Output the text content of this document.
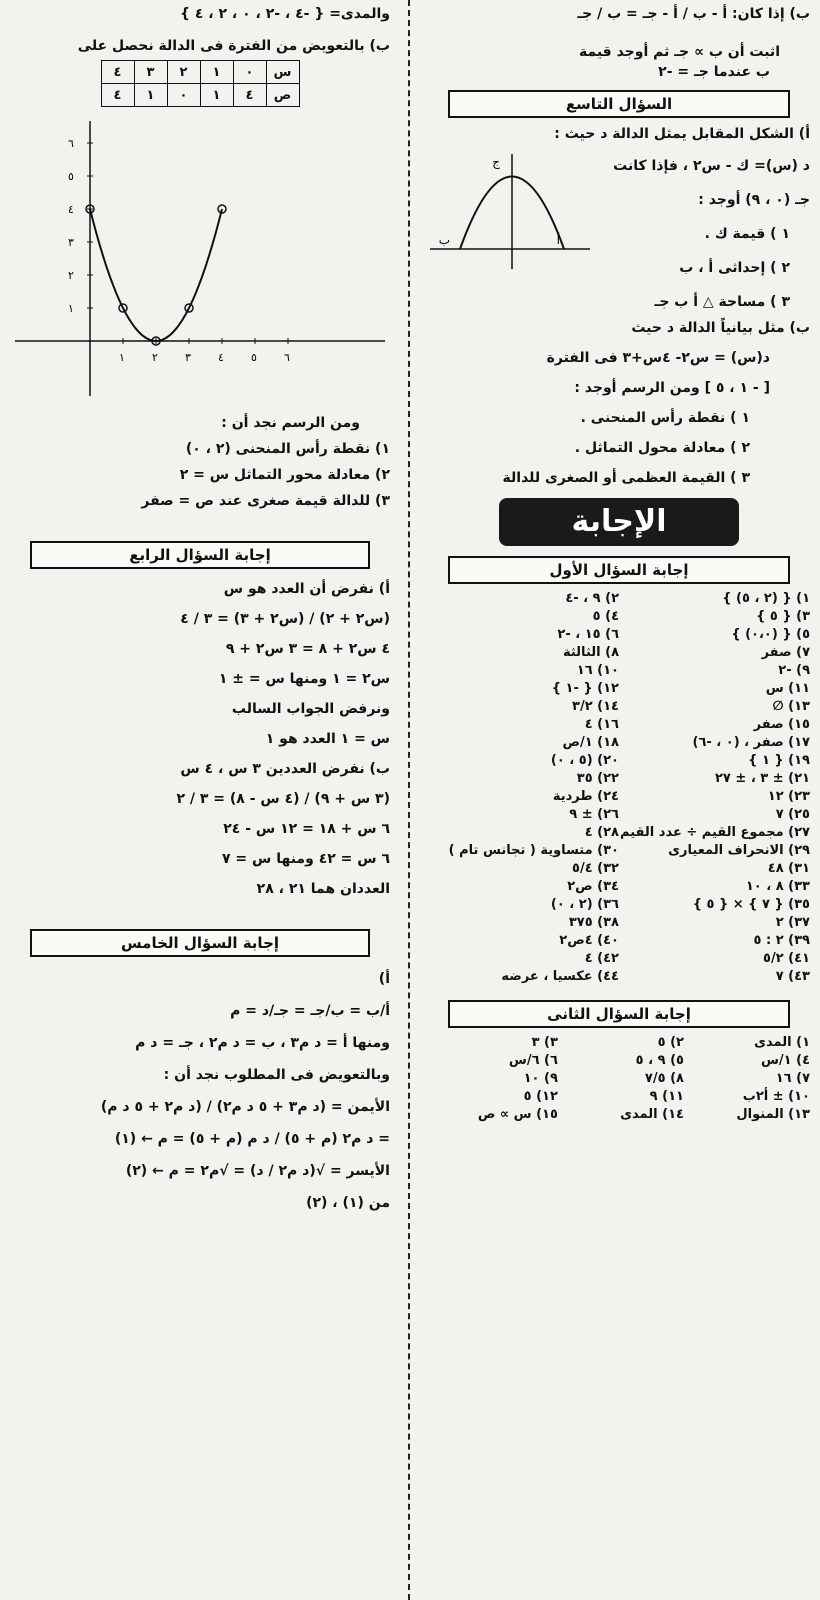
ب) إذا كان: أ - ب / أ - جـ = ب / جـ
اثبت أن ب ∝ جـ ثم أوجد قيمة
ب عندما جـ = -٢
السؤال التاسع
أ) الشكل المقابل يمثل الدالة د حيث :
د (س)= ك - س٢ ، فإذا كانت
جـ (٠ ، ٩) أوجد :
١ ) قيمة ك .
٢ ) إحداثى أ ، ب
٣ ) مساحة △ أ ب جـ
ج
أ
ب
ب) مثل بيانياً الدالة د حيث
د(س) = س٢- ٤س+٣ فى الفترة
[ - ١ ، ٥ ] ومن الرسم أوجد :
١ ) نقطة رأس المنحنى .
٢ ) معادلة محول التماثل .
٣ ) القيمة العظمى أو الصغرى للدالة
الإجابة
إجابة السؤال الأول
١) { (٢ ، ٥) }
٢) ٩ ، -٤
٣) { ٥ }
٤) ٥
٥) { (٠،٠) }
٦) ١٥ ، -٢
٧) صفر
٨) الثالثة
٩) -٢
١٠) ١٦
١١) س
١٢) { -١ }
١٣) ∅
١٤) ٣/٢
١٥) صفر
١٦) ٤
١٧) صفر ، (٠ ، -٦)
١٨) ١/ص
١٩) { ١ }
٢٠) (٥ ، ٠)
٢١) ± ٣ ، ± ٢٧
٢٢) ٣٥
٢٣) ١٢
٢٤) طردية
٢٥) ٧
٢٦) ± ٩
٢٧) مجموع القيم ÷ عدد القيم
٢٨) ٤
٢٩) الانحراف المعيارى
٣٠) متساوية ( تجانس تام )
٣١) ٤٨
٣٢) ٥/٤
٣٣) ٨ ، ١٠
٣٤) ص٢
٣٥) { ٧ } × { ٥ }
٣٦) (٢ ، ٠)
٣٧) ٢
٣٨) ٣٧٥
٣٩) ٢ : ٥
٤٠) ٤ص٢
٤١) ٥/٢
٤٢) ٤
٤٣) ٧
٤٤) عكسيا ، عرضه
إجابة السؤال الثانى
١) المدى
٢) ٥
٣) ٣
٤) ١/س
٥) ٩ ، ٥
٦) ٦/س
٧) ١٦
٨) ٧/٥
٩) ١٠
١٠) ± أ٢ب
١١) ٩
١٢) ٥
١٣) المنوال
١٤) المدى
١٥) س ∝ ص
والمدى= { -٤ ، -٢ ، ٠ ، ٢ ، ٤ }
ب) بالتعويض من الفترة فى الدالة نحصل على
س	٠	١	٢	٣	٤
ص	٤	١	٠	١	٤
١ ٢ ٣ ٤ ٥ ٦
١
٢
٣
٤
٥
٦
ومن الرسم نجد أن :
١) نقطة رأس المنحنى (٢ ، ٠)
٢) معادلة محور التماثل س = ٢
٣) للدالة قيمة صغرى عند ص = صفر
إجابة السؤال الرابع
أ) نفرض أن العدد هو س
(س٢ + ٢) / (س٢ + ٣) = ٣ / ٤
٤ س٢ + ٨ = ٣ س٢ + ٩
س٢ = ١ ومنها س = ± ١
ونرفض الجواب السالب
س = ١ العدد هو ١
ب) نفرض العددين ٣ س ، ٤ س
(٣ س + ٩) / (٤ س - ٨) = ٣ / ٢
٦ س + ١٨ = ١٢ س - ٢٤
٦ س = ٤٢ ومنها س = ٧
العددان هما ٢١ ، ٢٨
إجابة السؤال الخامس
أ)
أ/ب = ب/جـ = جـ/د = م
ومنها أ = د م٣ ، ب = د م٢ ، جـ = د م
وبالتعويض فى المطلوب نجد أن :
الأيمن = (د م٣ + ٥ د م٢) / (د م٢ + ٥ د م)
= د م٢ (م + ٥) / د م (م + ٥) = م ← (١)
الأيسر = √(د م٢ / د) = √م٢ = م ← (٢)
من (١) ، (٢)
